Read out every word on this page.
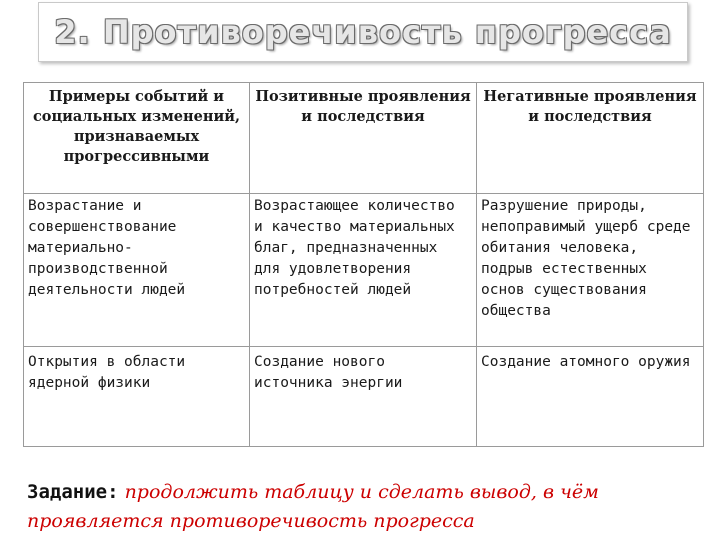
2. Противоречивость прогресса
Примеры событий и социальных изменений, признаваемых прогрессивными	Позитивные проявления и последствия	Негативные проявления и последствия
Возрастание и совершенствование материально-производственной деятельности людей	Возрастающее количество и качество материальных благ, предназначенных для удовлетворения потребностей людей	Разрушение природы, непоправимый ущерб среде обитания человека, подрыв естественных основ существования общества
Открытия в области ядерной физики	Создание нового источника энергии	Создание атомного оружия
Задание: продолжить таблицу и сделать вывод, в чём проявляется противоречивость прогресса
